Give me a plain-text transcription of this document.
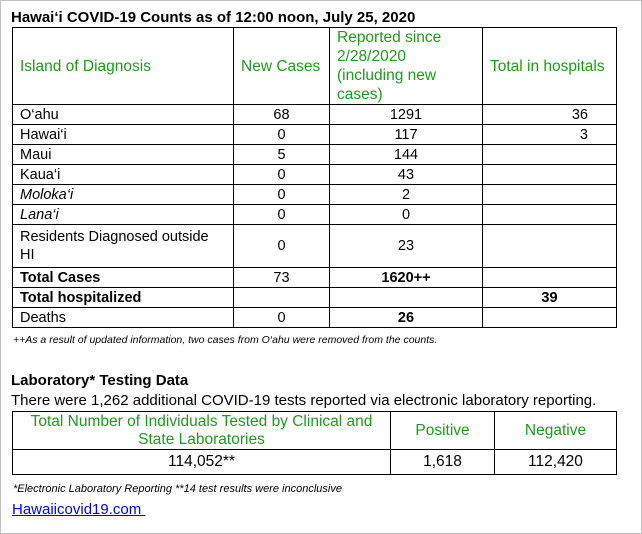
Hawai‘i COVID-19 Counts as of 12:00 noon, July 25, 2020
Island of Diagnosis	New Cases	Reported since 2/28/2020 (including new cases)	Total in hospitals
O‘ahu	68	1291	36
Hawai‘i	0	117	3
Maui	5	144	
Kaua‘i	0	43	
Moloka‘i	0	2	
Lana‘i	0	0	
Residents Diagnosed outside HI	0	23	
Total Cases	73	1620++	
Total hospitalized			39
Deaths	0	26	
++As a result of updated information, two cases from O‘ahu were removed from the counts.
Laboratory* Testing Data
There were 1,262 additional COVID-19 tests reported via electronic laboratory reporting.
Total Number of Individuals Tested by Clinical and State Laboratories	Positive	Negative
114,052**	1,618	112,420
*Electronic Laboratory Reporting **14 test results were inconclusive
Hawaiicovid19.com
